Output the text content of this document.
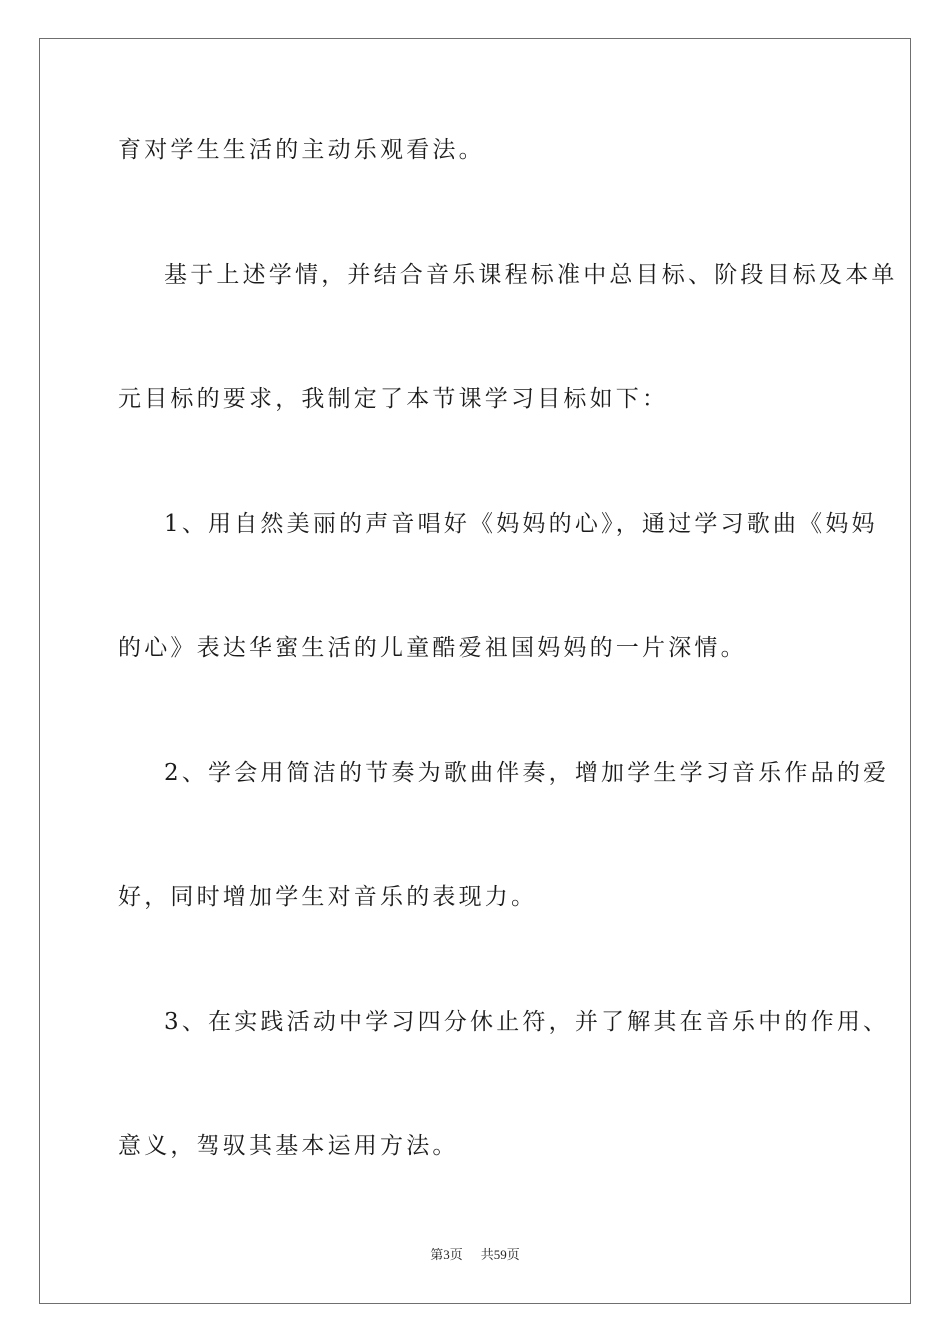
育对学生生活的主动乐观看法。
基于上述学情，并结合音乐课程标准中总目标、阶段目标及本单
元目标的要求，我制定了本节课学习目标如下：
1、用自然美丽的声音唱好《妈妈的心》，通过学习歌曲《妈妈
的心》表达华蜜生活的儿童酷爱祖国妈妈的一片深情。
2、学会用简洁的节奏为歌曲伴奏，增加学生学习音乐作品的爱
好，同时增加学生对音乐的表现力。
3、在实践活动中学习四分休止符，并了解其在音乐中的作用、
意义，驾驭其基本运用方法。
第3页 共59页
